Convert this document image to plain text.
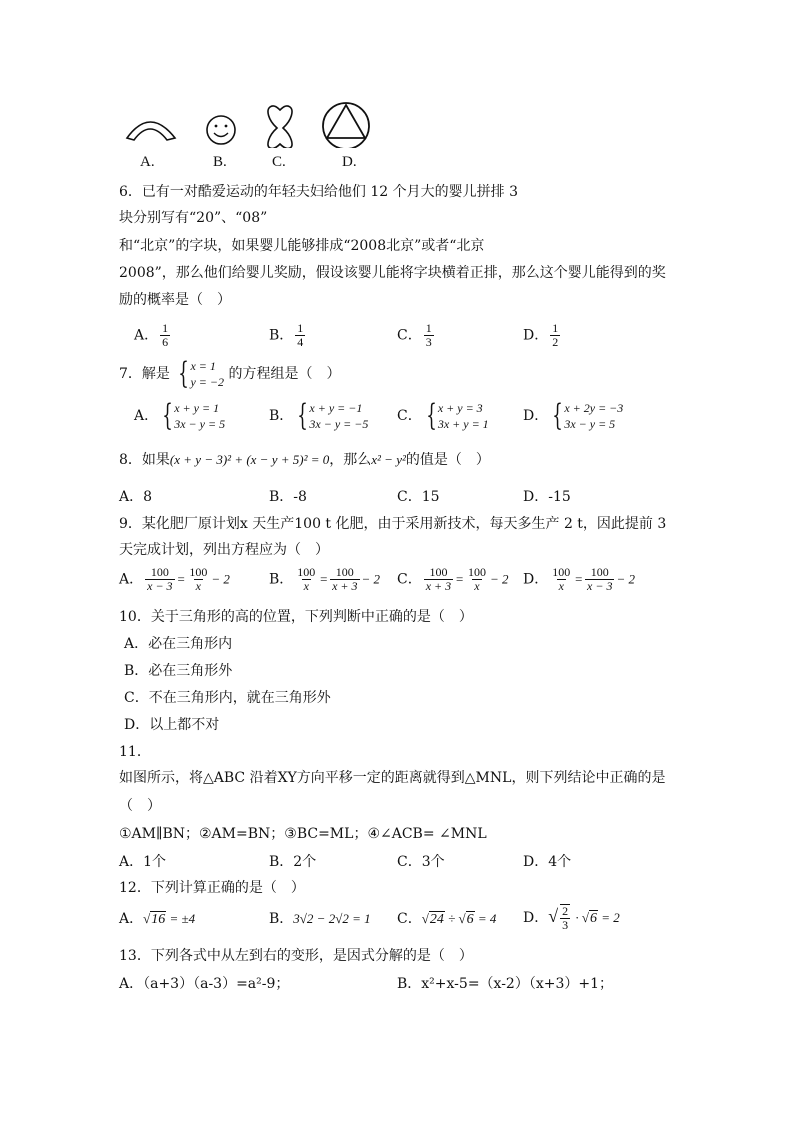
A.	B.	C.	D.
6．已有一对酷爱运动的年轻夫妇给他们 12 个月大的婴儿拼排 3
块分别写有“20”、“08”
和“北京”的字块，如果婴儿能够排成“2008北京”或者“北京
2008”，那么他们给婴儿奖励，假设该婴儿能将字块横着正排，那么这个婴儿能得到的奖
励的概率是（　）
A． $\frac{1}{6}$	B． $\frac{1}{4}$	C． $\frac{1}{3}$	D． $\frac{1}{2}$
7．解是 { x = 1
y = −2 的方程组是（　）
A． { x + y = 1
3x − y = 5	B． { x + y = −1
3x − y = −5 C． { x + y = 3
3x + y = 1 D． { x + 2y = −3
3x − y = 5
8．如果(x + y − 3)² + (x − y + 5)² = 0，那么x² − y²的值是（　）
A．8	B．-8	C．15	D．-15
9．某化肥厂原计划x 天生产100 t 化肥，由于采用新技术，每天多生产 2 t，因此提前 3
天完成计划，列出方程应为（　）
A． $\frac{100}{x - 3} = \frac{100}{x} - 2$	B． $\frac{100}{x} = \frac{100}{x + 3} - 2$ C． $\frac{100}{x + 3} = \frac{100}{x} - 2$ D． $\frac{100}{x} = \frac{100}{x - 3} - 2$
10．关于三角形的高的位置，下列判断中正确的是（　）
A．必在三角形内
B．必在三角形外
C．不在三角形内，就在三角形外
D．以上都不对
11．
如图所示，将△ABC 沿着XY方向平移一定的距离就得到△MNL，则下列结论中正确的是
（　）
①AM∥BN；②AM=BN；③BC=ML；④∠ACB= ∠MNL
A．1个	B．2个	C．3个	D．4个
12．下列计算正确的是（　）
A．√16 = ±4	B．3√2 − 2√2 = 1 C．√24 ÷ √6 = 4 D．√ $\frac{2}{3} \cdot √6 = 2$
13．下列各式中从左到右的变形，是因式分解的是（　）
A．（a+3）（a-3）=a²-9；	B．x²+x-5=（x-2）（x+3）+1；
